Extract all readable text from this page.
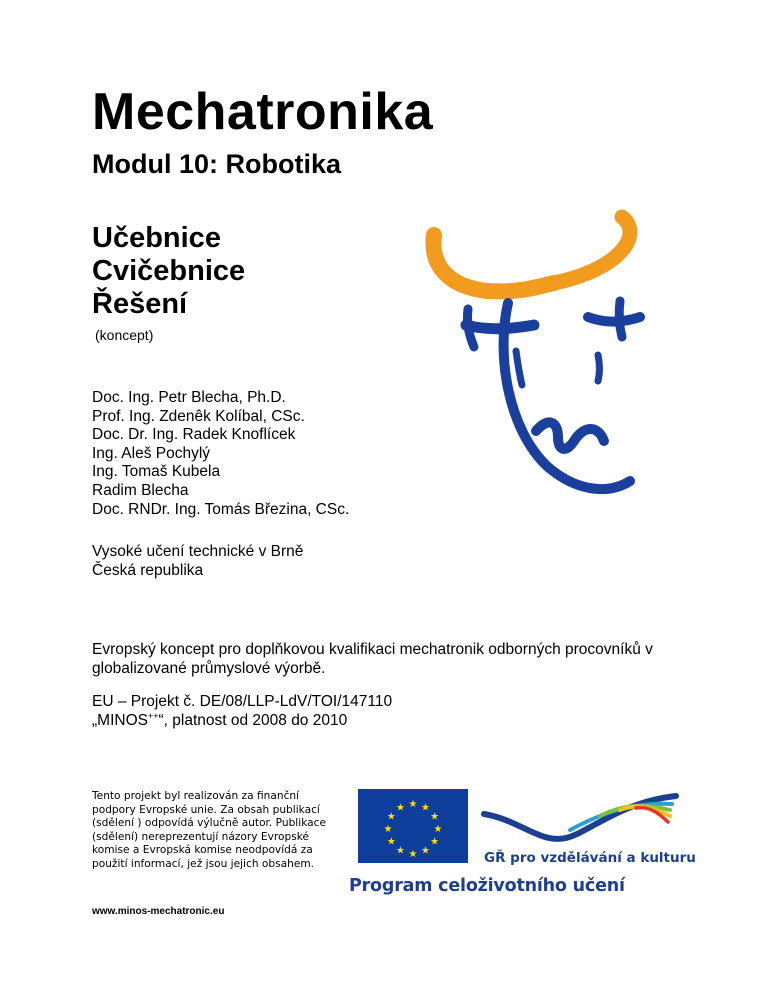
Mechatronika
Modul 10: Robotika
Učebnice
Cvičebnice
Řešení
(koncept)
Doc. Ing. Petr Blecha, Ph.D.
Prof. Ing. Zdenêk Kolíbal, CSc.
Doc. Dr. Ing. Radek Knoflícek
Ing. Aleš Pochylý
Ing. Tomaš Kubela
Radim Blecha
Doc. RNDr. Ing. Tomás Březina, CSc.
Vysoké učení technické v Brně
Česká republika
Evropský koncept pro doplňkovou kvalifikaci mechatronik odborných procovníků v globalizované průmyslové výorbě.
EU – Projekt č. DE/08/LLP-LdV/TOI/147110
„MINOS++“, platnost od 2008 do 2010
Tento projekt byl realizován za finanční podpory Evropské unie. Za obsah publikací (sdělení ) odpovídá výlučně autor. Publikace (sdělení) nereprezentují názory Evropské komise a Evropská komise neodpovídá za použití informací, jež jsou jejich obsahem.
www.minos-mechatronic.eu
★ ★
★
★
★
★
★
★
★
★
★
★
GŘ pro vzdělávání a kulturu
Program celoživotního učení
